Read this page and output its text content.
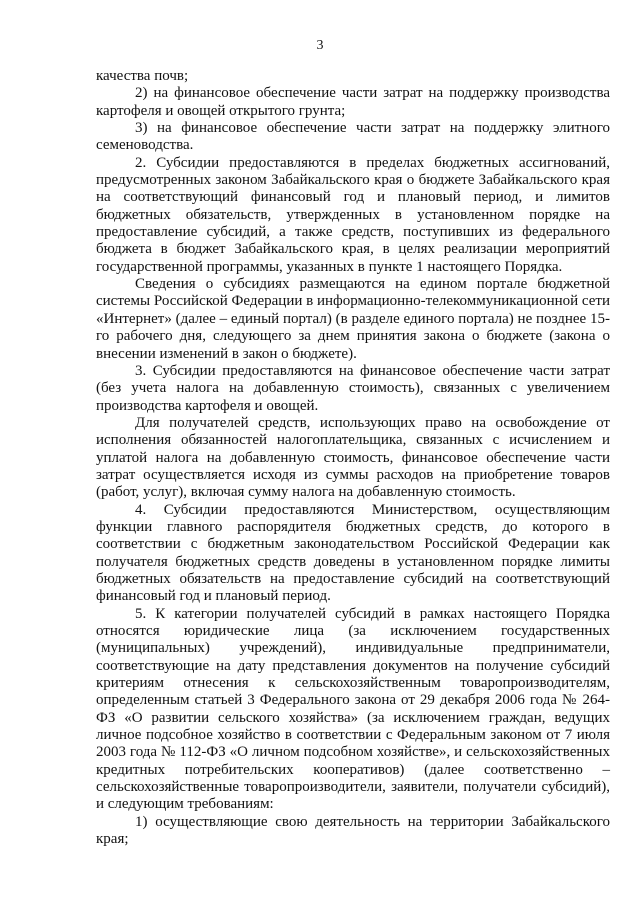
3

качества почв;

2) на финансовое обеспечение части затрат на поддержку производства картофеля и овощей открытого грунта;

3) на финансовое обеспечение части затрат на поддержку элитного семеноводства.

2. Субсидии предоставляются в пределах бюджетных ассигнований, предусмотренных законом Забайкальского края о бюджете Забайкальского края на соответствующий финансовый год и плановый период, и лимитов бюджетных обязательств, утвержденных в установленном порядке на предоставление субсидий, а также средств, поступивших из федерального бюджета в бюджет Забайкальского края, в целях реализации мероприятий государственной программы, указанных в пункте 1 настоящего Порядка.

Сведения о субсидиях размещаются на едином портале бюджетной системы Российской Федерации в информационно-телекоммуникационной сети «Интернет» (далее – единый портал) (в разделе единого портала) не позднее 15-го рабочего дня, следующего за днем принятия закона о бюджете (закона о внесении изменений в закон о бюджете).

3. Субсидии предоставляются на финансовое обеспечение части затрат (без учета налога на добавленную стоимость), связанных с увеличением производства картофеля и овощей.

Для получателей средств, использующих право на освобождение от исполнения обязанностей налогоплательщика, связанных с исчислением и уплатой налога на добавленную стоимость, финансовое обеспечение части затрат осуществляется исходя из суммы расходов на приобретение товаров (работ, услуг), включая сумму налога на добавленную стоимость.

4. Субсидии предоставляются Министерством, осуществляющим функции главного распорядителя бюджетных средств, до которого в соответствии с бюджетным законодательством Российской Федерации как получателя бюджетных средств доведены в установленном порядке лимиты бюджетных обязательств на предоставление субсидий на соответствующий финансовый год и плановый период.

5. К категории получателей субсидий в рамках настоящего Порядка относятся юридические лица (за исключением государственных (муниципальных) учреждений), индивидуальные предприниматели, соответствующие на дату представления документов на получение субсидий критериям отнесения к сельскохозяйственным товаропроизводителям, определенным статьей 3 Федерального закона от 29 декабря 2006 года № 264-ФЗ «О развитии сельского хозяйства» (за исключением граждан, ведущих личное подсобное хозяйство в соответствии с Федеральным законом от 7 июля 2003 года № 112-ФЗ «О личном подсобном хозяйстве», и сельскохозяйственных кредитных потребительских кооперативов) (далее соответственно – сельскохозяйственные товаропроизводители, заявители, получатели субсидий), и следующим требованиям:

1) осуществляющие свою деятельность на территории Забайкальского края;
